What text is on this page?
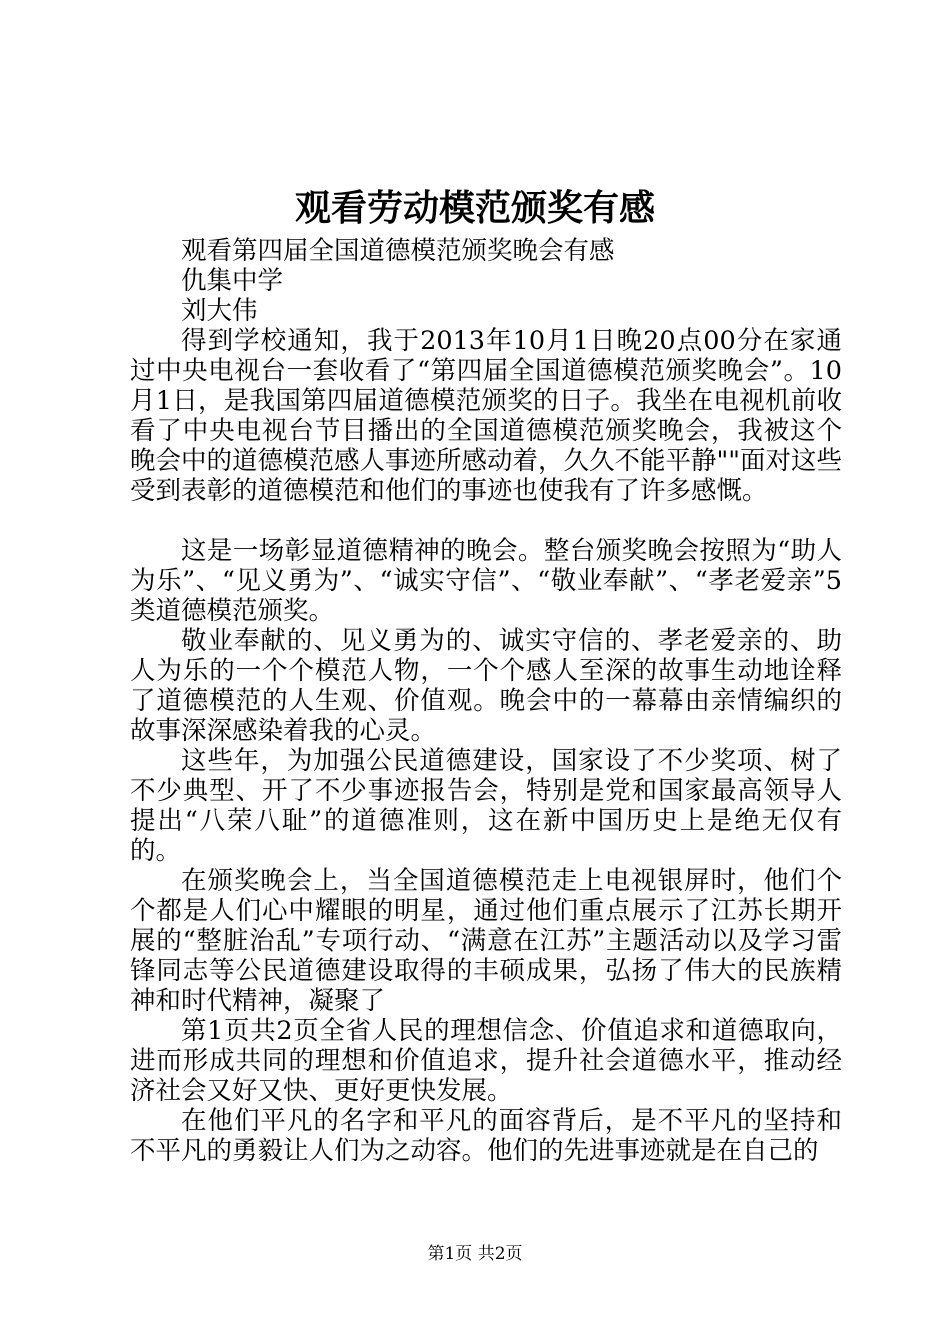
观看劳动模范颁奖有感

观看第四届全国道德模范颁奖晚会有感

仇集中学

刘大伟

得到学校通知，我于2013年10月1日晚20点00分在家通过中央电视台一套收看了“第四届全国道德模范颁奖晚会”。10月1日，是我国第四届道德模范颁奖的日子。我坐在电视机前收看了中央电视台节目播出的全国道德模范颁奖晚会，我被这个晚会中的道德模范感人事迹所感动着，久久不能平静""面对这些受到表彰的道德模范和他们的事迹也使我有了许多感慨。

这是一场彰显道德精神的晚会。整台颁奖晚会按照为“助人为乐”、“见义勇为”、“诚实守信”、“敬业奉献”、“孝老爱亲”5类道德模范颁奖。

敬业奉献的、见义勇为的、诚实守信的、孝老爱亲的、助人为乐的一个个模范人物，一个个感人至深的故事生动地诠释了道德模范的人生观、价值观。晚会中的一幕幕由亲情编织的故事深深感染着我的心灵。

这些年，为加强公民道德建设，国家设了不少奖项、树了不少典型、开了不少事迹报告会，特别是党和国家最高领导人提出“八荣八耻”的道德准则，这在新中国历史上是绝无仅有的。

在颁奖晚会上，当全国道德模范走上电视银屏时，他们个个都是人们心中耀眼的明星，通过他们重点展示了江苏长期开展的“整脏治乱”专项行动、“满意在江苏”主题活动以及学习雷锋同志等公民道德建设取得的丰硕成果，弘扬了伟大的民族精神和时代精神，凝聚了

第1页共2页全省人民的理想信念、价值追求和道德取向，进而形成共同的理想和价值追求，提升社会道德水平，推动经济社会又好又快、更好更快发展。

在他们平凡的名字和平凡的面容背后，是不平凡的坚持和不平凡的勇毅让人们为之动容。他们的先进事迹就是在自己的

第1页 共2页
